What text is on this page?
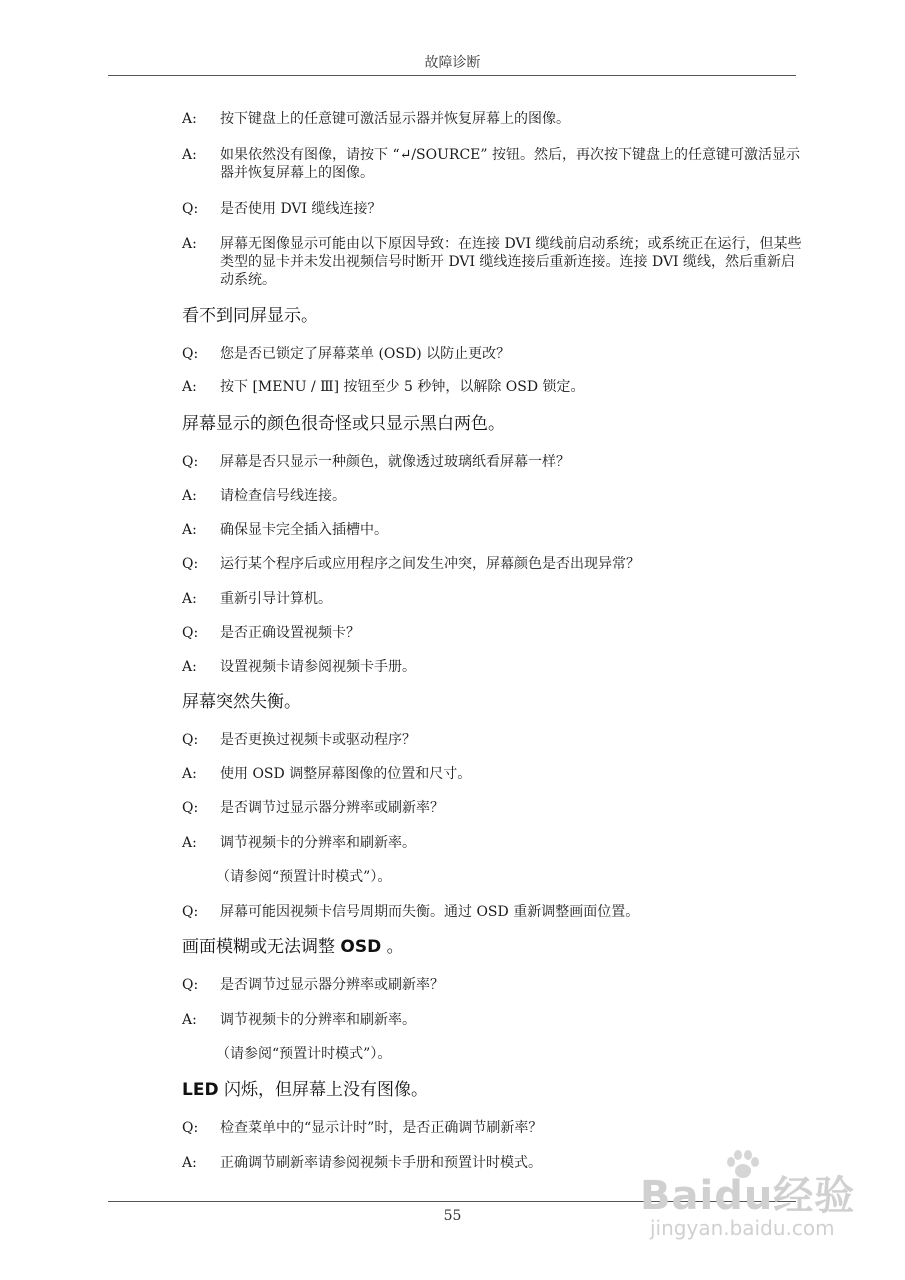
故障诊断
A:	按下键盘上的任意键可激活显示器并恢复屏幕上的图像。
A:	如果依然没有图像，请按下 “↵/SOURCE” 按钮。然后，再次按下键盘上的任意键可激活显示器并恢复屏幕上的图像。
Q:	是否使用 DVI 缆线连接？
A:	屏幕无图像显示可能由以下原因导致：在连接 DVI 缆线前启动系统；或系统正在运行，但某些类型的显卡并未发出视频信号时断开 DVI 缆线连接后重新连接。连接 DVI 缆线，然后重新启动系统。
看不到同屏显示。
Q:	您是否已锁定了屏幕菜单 (OSD) 以防止更改？
A:	按下 [MENU / Ⅲ] 按钮至少 5 秒钟，以解除 OSD 锁定。
屏幕显示的颜色很奇怪或只显示黑白两色。
Q:	屏幕是否只显示一种颜色，就像透过玻璃纸看屏幕一样？
A:	请检查信号线连接。
A:	确保显卡完全插入插槽中。
Q:	运行某个程序后或应用程序之间发生冲突，屏幕颜色是否出现异常？
A:	重新引导计算机。
Q:	是否正确设置视频卡？
A:	设置视频卡请参阅视频卡手册。
屏幕突然失衡。
Q:	是否更换过视频卡或驱动程序？
A:	使用 OSD 调整屏幕图像的位置和尺寸。
Q:	是否调节过显示器分辨率或刷新率？
A:	调节视频卡的分辨率和刷新率。
（请参阅“预置计时模式”）。
Q:	屏幕可能因视频卡信号周期而失衡。通过 OSD 重新调整画面位置。
画面模糊或无法调整 OSD 。
Q:	是否调节过显示器分辨率或刷新率？
A:	调节视频卡的分辨率和刷新率。
（请参阅“预置计时模式”）。
LED 闪烁，但屏幕上没有图像。
Q:	检查菜单中的“显示计时”时，是否正确调节刷新率？
A:	正确调节刷新率请参阅视频卡手册和预置计时模式。
55	Baidu经验
jingyan.baidu.com
